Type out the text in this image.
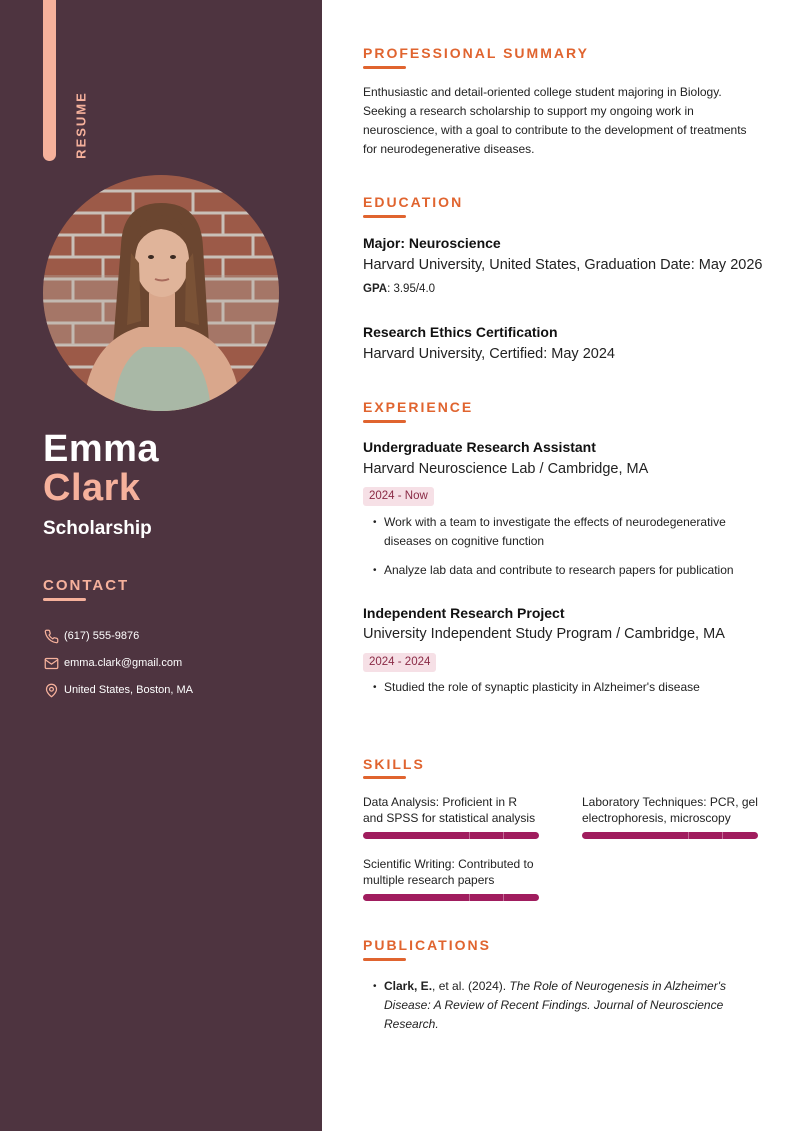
RESUME
Emma
Clark
Scholarship
CONTACT
(617) 555-9876
emma.clark@gmail.com
United States, Boston, MA
PROFESSIONAL SUMMARY
Enthusiastic and detail-oriented college student majoring in Biology. Seeking a research scholarship to support my ongoing work in neuroscience, with a goal to contribute to the development of treatments for neurodegenerative diseases.
EDUCATION
Major: Neuroscience
Harvard University, United States, Graduation Date: May 2026
GPA: 3.95/4.0
Research Ethics Certification
Harvard University, Certified: May 2024
EXPERIENCE
Undergraduate Research Assistant
Harvard Neuroscience Lab / Cambridge, MA
2024 - Now
• Work with a team to investigate the effects of neurodegenerative diseases on cognitive function
• Analyze lab data and contribute to research papers for publication
Independent Research Project
University Independent Study Program / Cambridge, MA
2024 - 2024
• Studied the role of synaptic plasticity in Alzheimer's disease
SKILLS
Data Analysis: Proficient in R and SPSS for statistical analysis
Laboratory Techniques: PCR, gel electrophoresis, microscopy
Scientific Writing: Contributed to multiple research papers
PUBLICATIONS
• Clark, E., et al. (2024). The Role of Neurogenesis in Alzheimer's Disease: A Review of Recent Findings. Journal of Neuroscience Research.
